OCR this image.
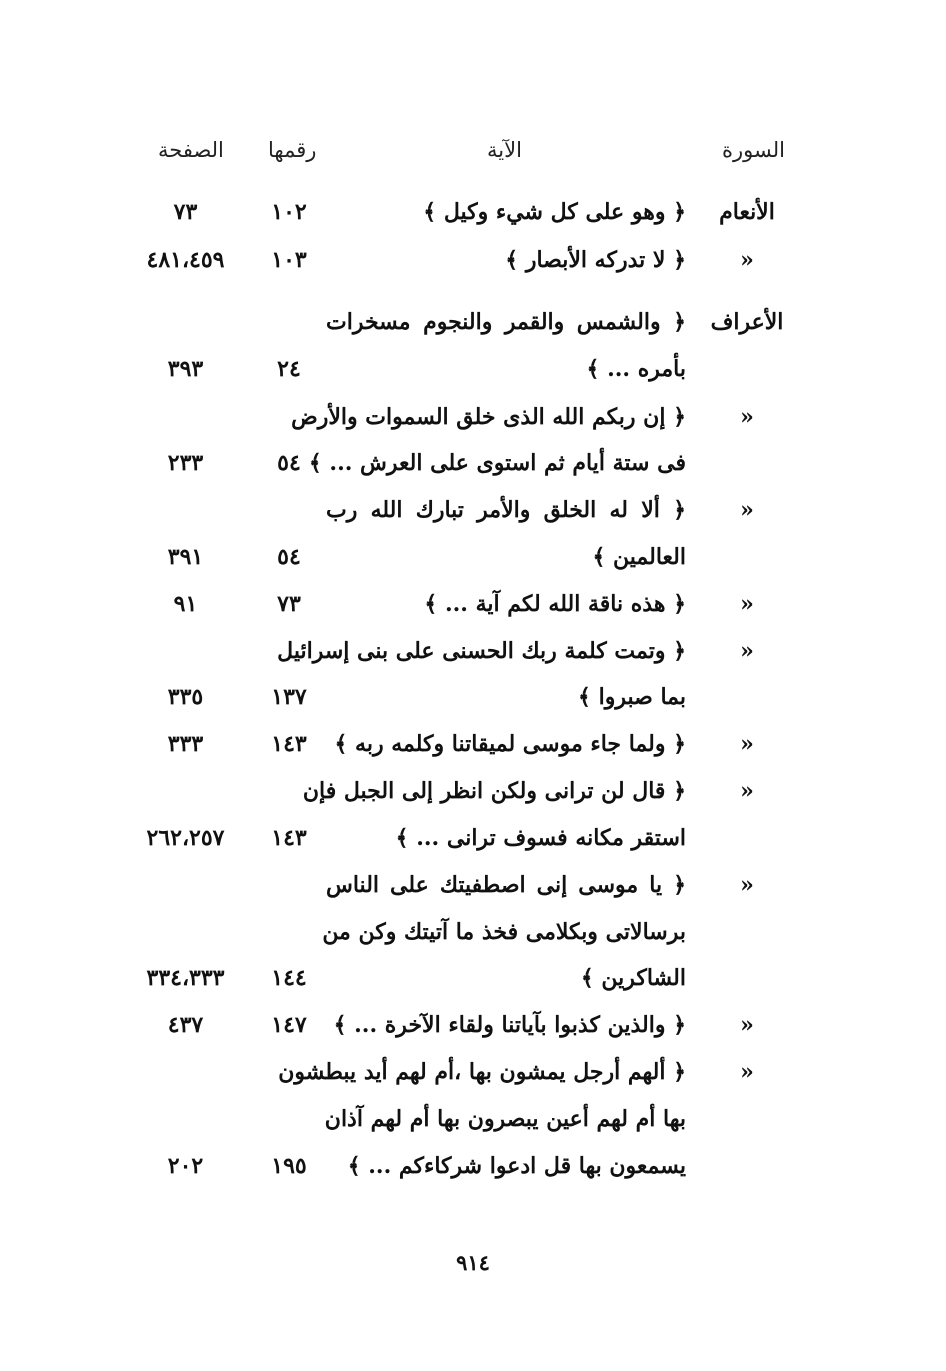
السورة
الآية
رقمها
الصفحة
الأنعام
﴿ وهو على كل شيء وكيل ﴾
١٠٢
٧٣
«
﴿ لا تدركه الأبصار ﴾
١٠٣
٤٨١،٤٥٩
الأعراف
﴿ والشمس والقمر والنجوم مسخرات
بأمره ... ﴾
٢٤
٣٩٣
«
﴿ إن ربكم الله الذى خلق السموات والأرض
فى ستة أيام ثم استوى على العرش ... ﴾
٥٤
٢٣٣
«
﴿ ألا له الخلق والأمر تبارك الله رب
العالمين ﴾
٥٤
٣٩١
«
﴿ هذه ناقة الله لكم آية ... ﴾
٧٣
٩١
«
﴿ وتمت كلمة ربك الحسنى على بنى إسرائيل
بما صبروا ﴾
١٣٧
٣٣٥
«
﴿ ولما جاء موسى لميقاتنا وكلمه ربه ﴾
١٤٣
٣٣٣
«
﴿ قال لن ترانى ولكن انظر إلى الجبل فإن
استقر مكانه فسوف ترانى ... ﴾
١٤٣
٢٦٢،٢٥٧
«
﴿ يا موسى إنى اصطفيتك على الناس
برسالاتى وبكلامى فخذ ما آتيتك وكن من
الشاكرين ﴾
١٤٤
٣٣٤،٣٣٣
«
﴿ والذين كذبوا بآياتنا ولقاء الآخرة ... ﴾
١٤٧
٤٣٧
«
﴿ ألهم أرجل يمشون بها ،أم لهم أيد يبطشون
بها أم لهم أعين يبصرون بها أم لهم آذان
يسمعون بها قل ادعوا شركاءكم ... ﴾
١٩٥
٢٠٢
٩١٤
